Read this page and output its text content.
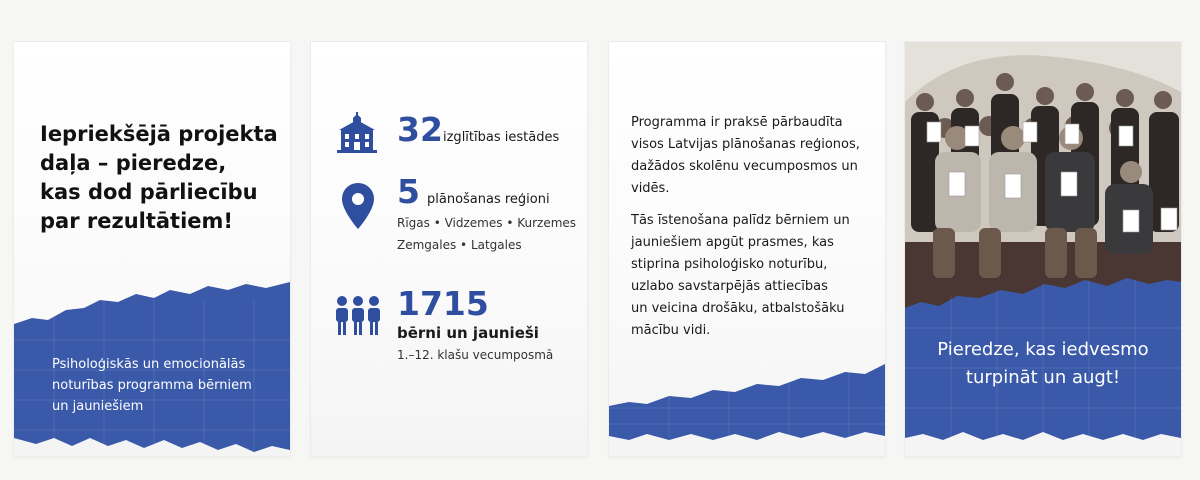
Iepriekšējā projekta
daļa – pieredze,
kas dod pārliecību
par rezultātiem!
Psiholoģiskās un emocionālās
noturības programma bērniem
un jauniešiem
32 izglītības iestādes
5 plānošanas reģioni
Rīgas • Vidzemes • Kurzemes
Zemgales • Latgales
1715
bērni un jaunieši
1.–12. klašu vecumposmā
Programma ir praksē pārbaudīta
visos Latvijas plānošanas reģionos,
dažādos skolēnu vecumposmos un
vidēs.
Tās īstenošana palīdz bērniem un
jauniešiem apgūt prasmes, kas
stiprina psiholoģisko noturību,
uzlabo savstarpējās attiecības
un veicina drošāku, atbalstošāku
mācību vidi.
Pieredze, kas iedvesmo
turpināt un augt!
